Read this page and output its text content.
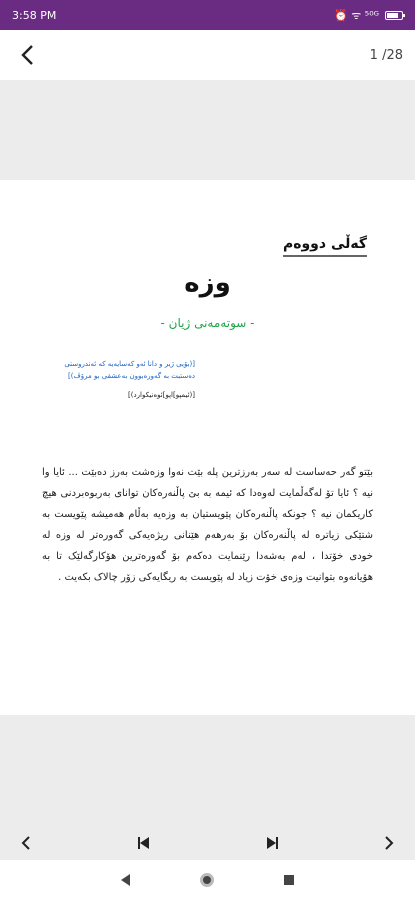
3:58 PM	⏰ ᯤ ⁵⁰ᴳ
1 /28
گەڵی دووەم
وزە
- سوتەمەنی ژیان -
[(بۆیی ژیر و دانا ئەو کەسایەیە کە ئەندروستی
دەستبت بە گەورەبوون بەعشقی بو مرۆڤ)]
[(ئیمپو]اپو]ئوەنیکوارد)]
بێتو گەر حەساست لە سەر بەرزترین پلە بێت نەوا وزەشت بەرز دەبێت ... ئایا وا نیە ؟ ئایا تۆ لەگەڵمایت لەوەدا کە ئیمە بە بێ پاڵنەرەکان توانای بەربوەبردنی هیچ کاریکمان نیە ؟ جونکە پاڵنەرەکان پێویستیان بە وزەیە بەڵام هەمیشە پێویست بە شتێکی زیاترە لە پاڵنەرەکان بۆ بەرهەم هێنانی ریژەیەکی گەورەتر لە وزە لە خودی خۆتدا ، لەم بەشەدا رێنمایت دەکەم بۆ گەورەترین هۆکارگەلێک تا بە هۆیانەوە بتوانیت وزەی خۆت زیاد لە پێویست بە ریگایەکی زۆر چالاک بکەیت .
